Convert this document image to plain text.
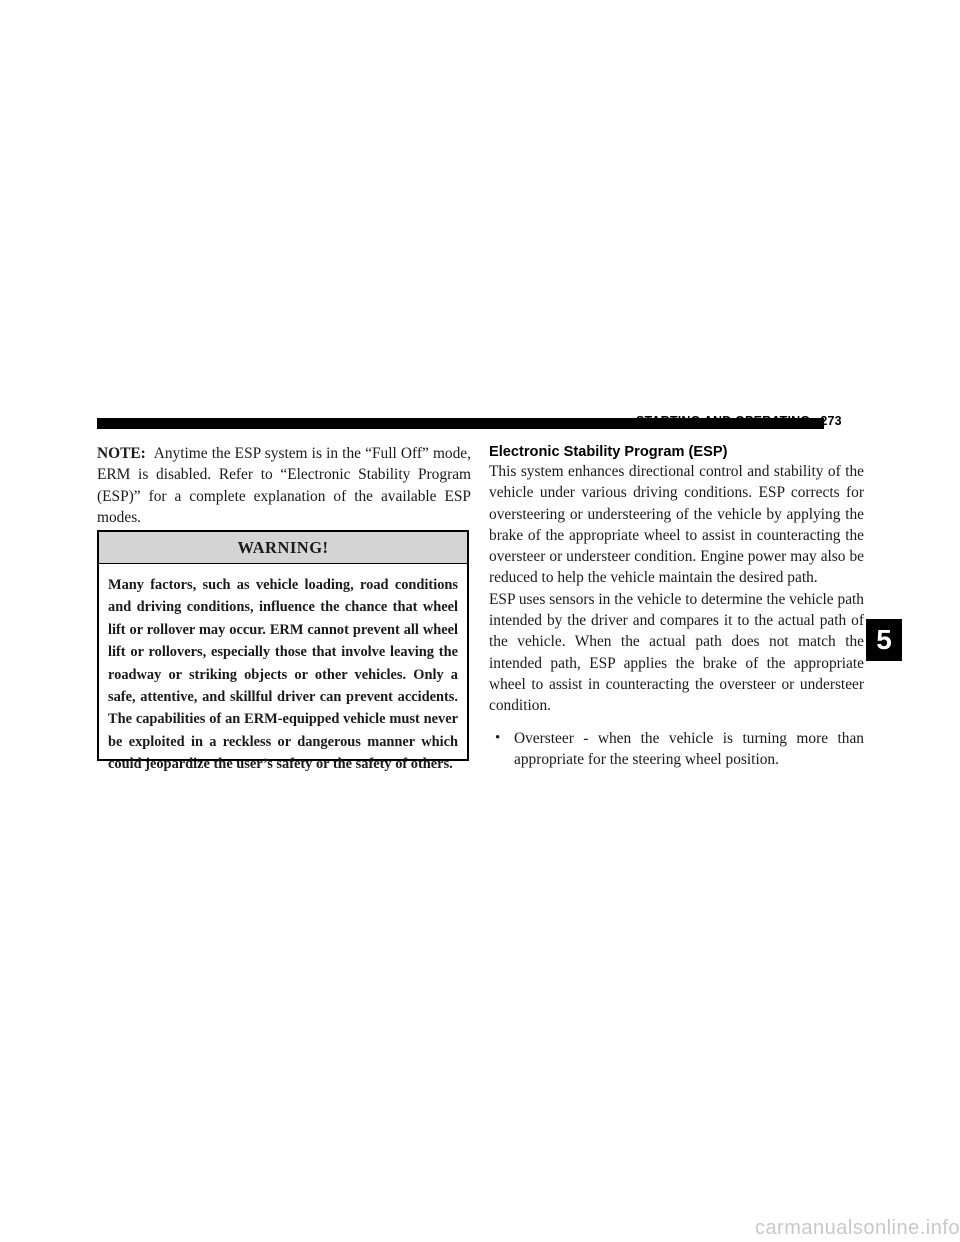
STARTING AND OPERATING 273

NOTE: Anytime the ESP system is in the “Full Off” mode, ERM is disabled. Refer to “Electronic Stability Program (ESP)” for a complete explanation of the available ESP modes.

WARNING!

Many factors, such as vehicle loading, road conditions and driving conditions, influence the chance that wheel lift or rollover may occur. ERM cannot prevent all wheel lift or rollovers, especially those that involve leaving the roadway or striking objects or other vehicles. Only a safe, attentive, and skillful driver can prevent accidents. The capabilities of an ERM-equipped vehicle must never be exploited in a reckless or dangerous manner which could jeopardize the user’s safety or the safety of others.

Electronic Stability Program (ESP)

This system enhances directional control and stability of the vehicle under various driving conditions. ESP corrects for oversteering or understeering of the vehicle by applying the brake of the appropriate wheel to assist in counteracting the oversteer or understeer condition. Engine power may also be reduced to help the vehicle maintain the desired path.

ESP uses sensors in the vehicle to determine the vehicle path intended by the driver and compares it to the actual path of the vehicle. When the actual path does not match the intended path, ESP applies the brake of the appropriate wheel to assist in counteracting the oversteer or understeer condition.

• Oversteer - when the vehicle is turning more than appropriate for the steering wheel position.
5
carmanualsonline.info
